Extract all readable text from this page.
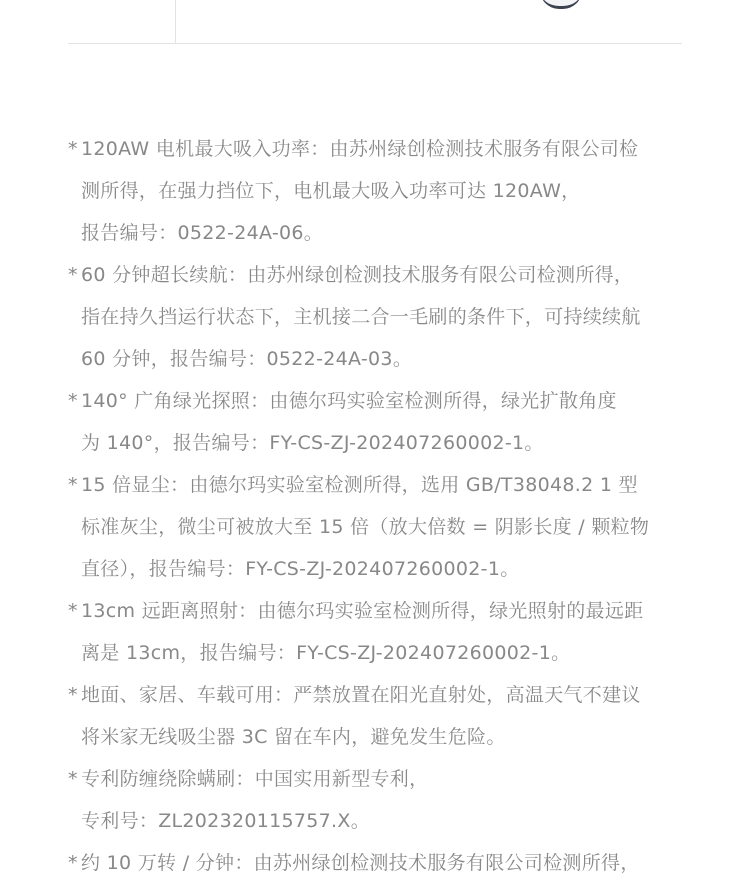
* 120AW 电机最大吸入功率：由苏州绿创检测技术服务有限公司检
测所得，在强力挡位下，电机最大吸入功率可达 120AW，
报告编号：0522-24A-06。
* 60 分钟超长续航：由苏州绿创检测技术服务有限公司检测所得，
指在持久挡运行状态下，主机接二合一毛刷的条件下，可持续续航
60 分钟，报告编号：0522-24A-03。
* 140° 广角绿光探照：由德尔玛实验室检测所得，绿光扩散角度
为 140°，报告编号：FY-CS-ZJ-202407260002-1。
* 15 倍显尘：由德尔玛实验室检测所得，选用 GB/T38048.2 1 型
标准灰尘，微尘可被放大至 15 倍（放大倍数 = 阴影长度 / 颗粒物
直径），报告编号：FY-CS-ZJ-202407260002-1。
* 13cm 远距离照射：由德尔玛实验室检测所得，绿光照射的最远距
离是 13cm，报告编号：FY-CS-ZJ-202407260002-1。
* 地面、家居、车载可用：严禁放置在阳光直射处，高温天气不建议
将米家无线吸尘器 3C 留在车内，避免发生危险。
* 专利防缠绕除螨刷：中国实用新型专利，
专利号：ZL202320115757.X。
* 约 10 万转 / 分钟：由苏州绿创检测技术服务有限公司检测所得，
